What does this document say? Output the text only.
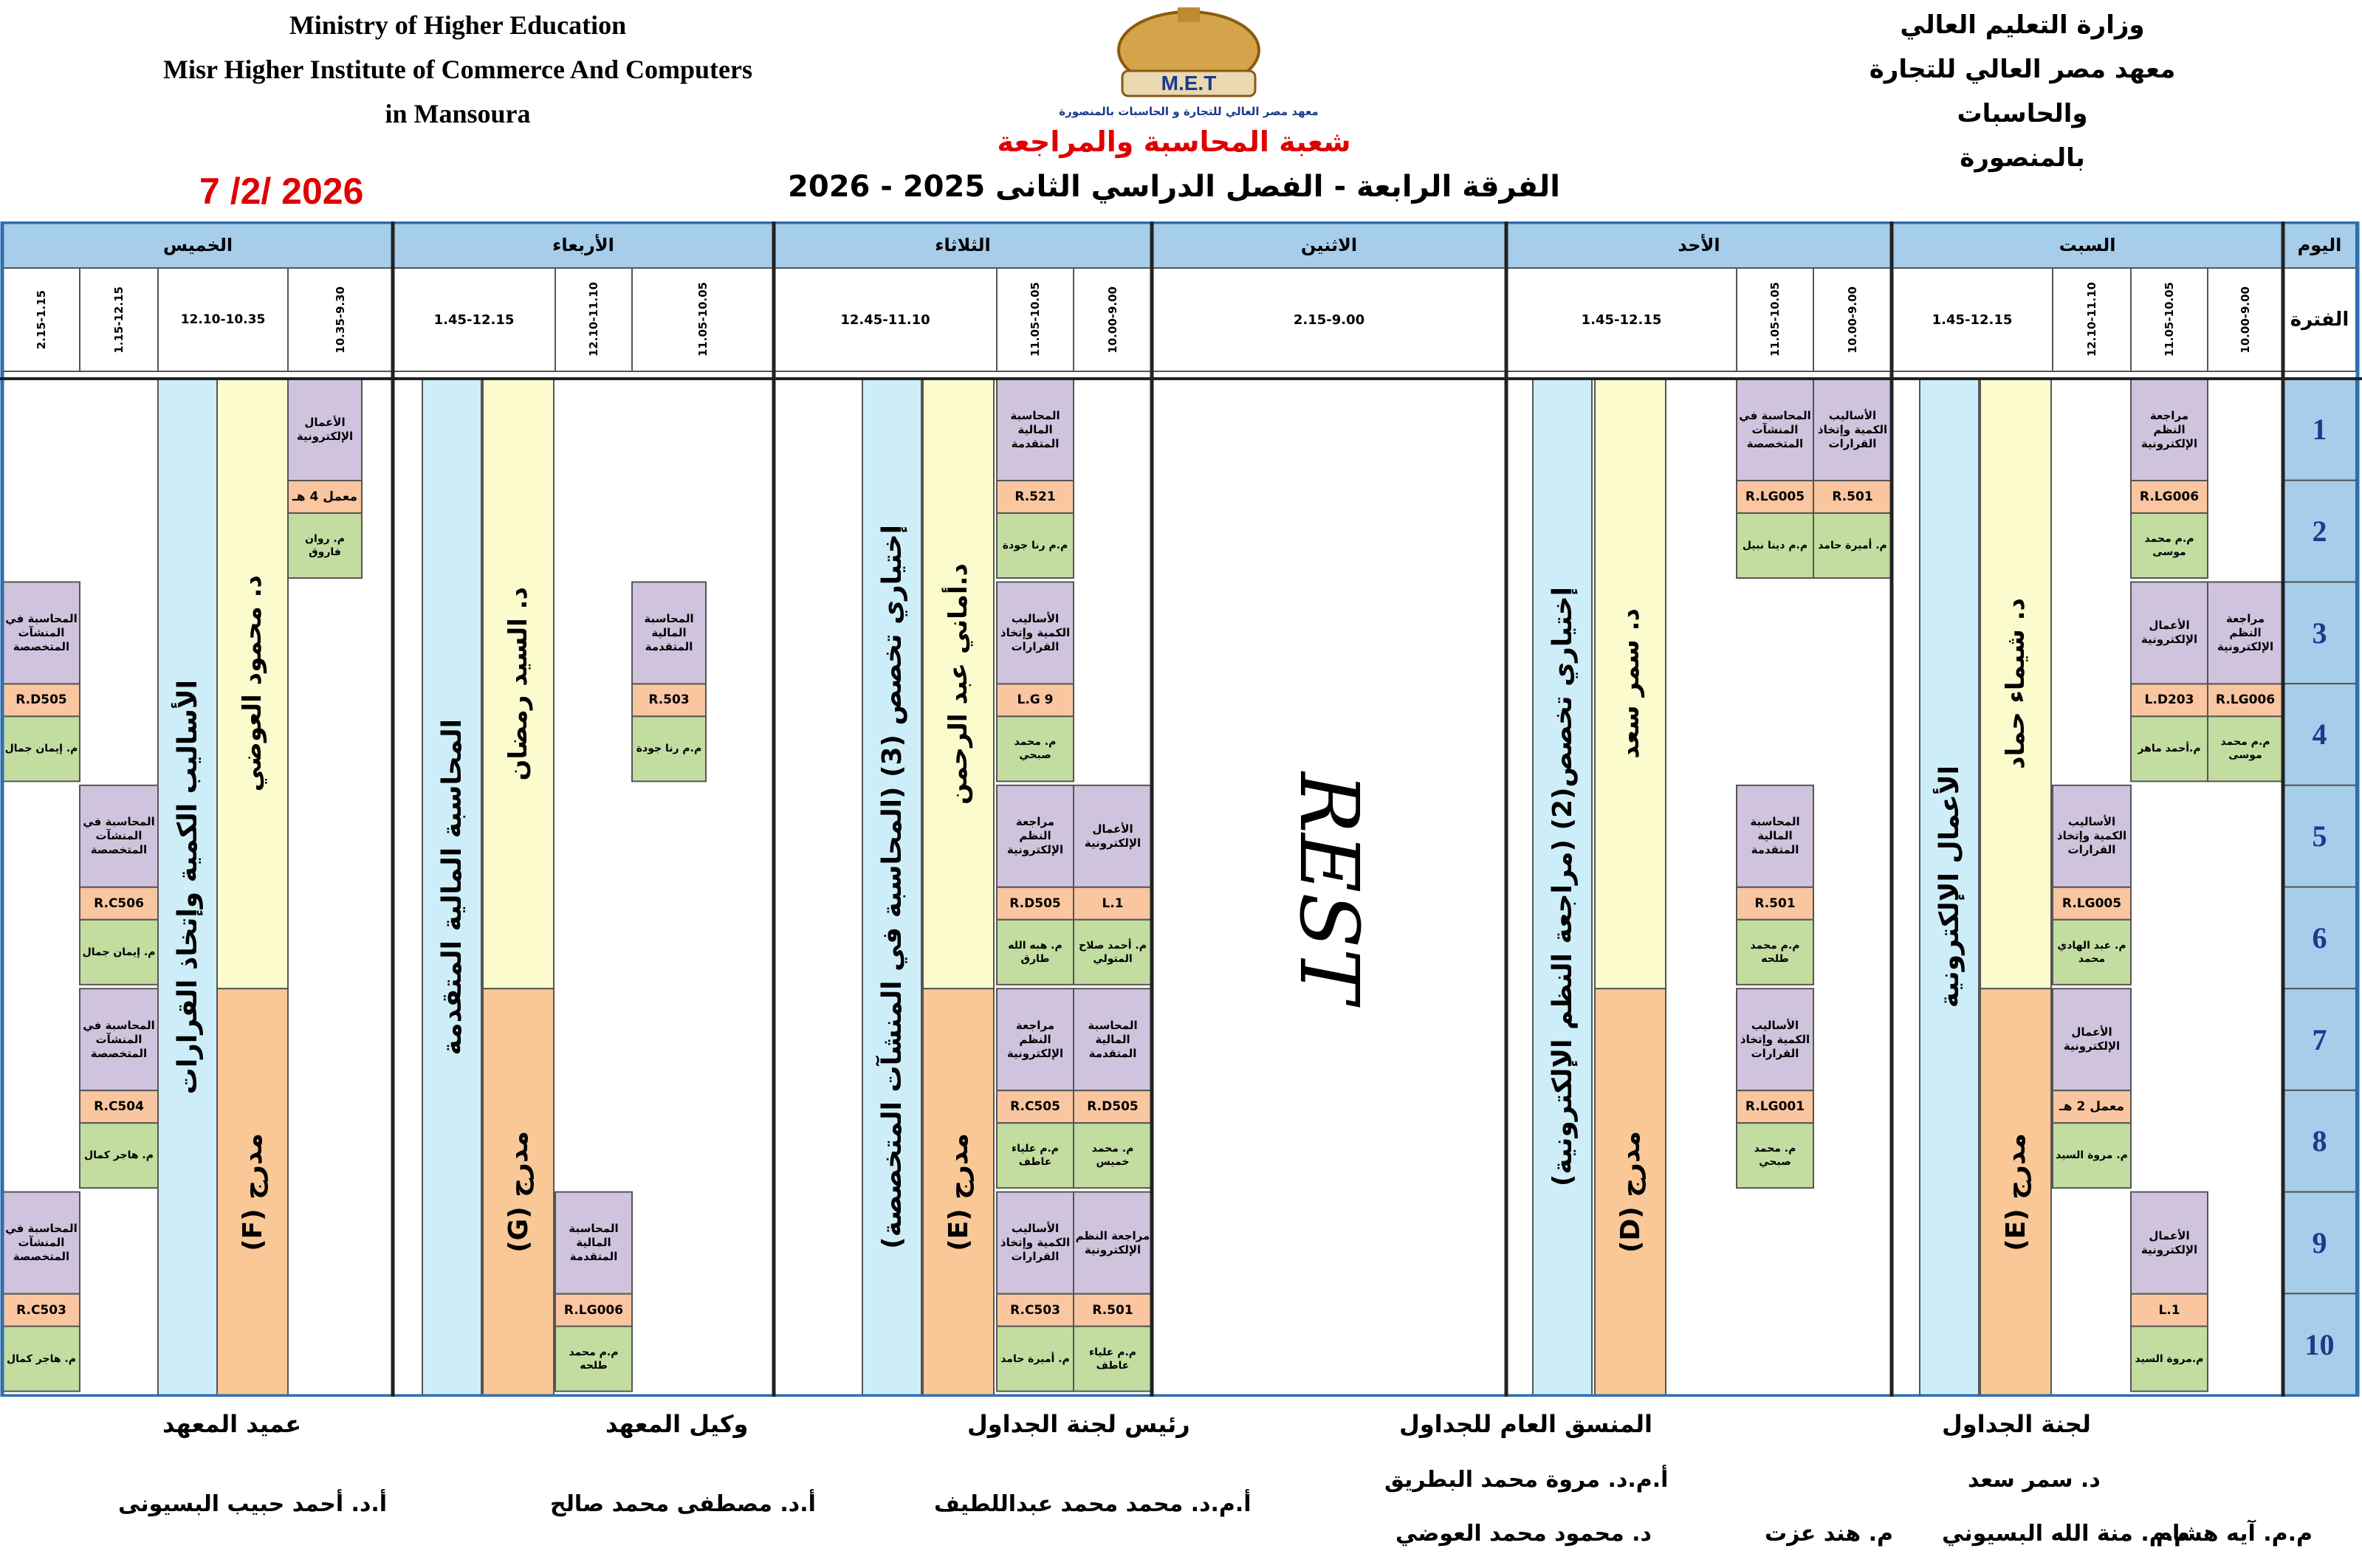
Ministry of Higher Education
Misr Higher Institute of Commerce And Computers
in Mansoura
M.E.T
معهد مصر العالي للتجارة و الحاسبات بالمنصورة
وزارة التعليم العالي
معهد مصر العالي للتجارة والحاسبات
بالمنصورة
شعبة المحاسبة والمراجعة
7 /2/ 2026	الفرقة الرابعة - الفصل الدراسي الثانى 2025 - 2026
اليوم
الفترة
1
2
3
4
5
6
7
8
9
10
السبت
الأحد
الاثنين
الثلاثاء
الأربعاء
الخميس
10.00-9.00
11.05-10.05
12.10-11.10
1.45-12.15
10.00-9.00
11.05-10.05
1.45-12.15
2.15-9.00
10.00-9.00
11.05-10.05
12.45-11.10
11.05-10.05
12.10-11.10
1.45-12.15
10.35-9.30
12.10-10.35
1.15-12.15
2.15-1.15
الأعمال الإلكترونية
د. شيماء حماد
مدرج (E)
إختياري تخصص(2) (مراجعة النظم الإلكترونية) د. سمر سعد
مدرج (D)
إختياري تخصص (3) (المحاسبة في المنشآت المتخصصة) د.أماني عبد الرحمن
مدرج (E)
المحاسبة المالية المتقدمة
د. السيد رمضان
مدرج (G)
الأساليب الكمية وإتخاذ القرارات د. محمود العوضي
مدرج (F)
REST
مراجعة النظم الإلكترونية
R.LG006
م.م محمد موسى
مراجعة النظم الإلكترونية
R.LG006
م.م محمد موسى
الأعمال الإلكترونية
L.D203
م.أحمد ماهر
الأساليب الكمية وإتخاذ القرارات
R.LG005
م. عبد الهادي محمد
الأعمال الإلكترونية
معمل 2 هـ
م. مروة السيد
الأعمال الإلكترونية
L.1
م.مروة السيد
الأساليب الكمية وإتخاذ القرارات
R.501
م. أميرة حامد
المحاسبة في المنشآت المتخصصة
R.LG005
م.م دينا نبيل
المحاسبة المالية المتقدمة
R.501
م.م محمد طلحه
الأساليب الكمية وإتخاذ القرارات
R.LG001
م. محمد صبحي
المحاسبة المالية المتقدمة
R.521
م.م رنا جودة
الأساليب الكمية وإتخاذ القرارات
L.G 9
م. محمد صبحي
الأعمال الإلكترونية
L.1
م. أحمد صلاح المتولي
مراجعة النظم الإلكترونية
R.D505
م. هبه الله طارق
المحاسبة المالية المتقدمة
R.D505
م. محمد خميس
مراجعة النظم الإلكترونية
R.C505
م.م علياء عاطف
مراجعة النظم الإلكترونية
R.501
م.م علياء عاطف
الأساليب الكمية وإتخاذ القرارات
R.C503
م. أميرة حامد
المحاسبة المالية المتقدمة
R.503
م.م رنا جودة
المحاسبة المالية المتقدمة
R.LG006
م.م محمد طلحه
الأعمال الإلكترونية
معمل 4 هـ
م. روان فاروق
المحاسبة في المنشآت المتخصصة
R.D505
م. إيمان جمال
المحاسبة في المنشآت المتخصصة
R.C506
م. إيمان جمال
المحاسبة في المنشآت المتخصصة
R.C504
م. هاجر كمال
المحاسبة في المنشآت المتخصصة
R.C503
م. هاجر كمال
لجنة الجداول
د. سمر سعد
م. هند عزت م.م. منة الله البسيوني
م.م. آيه هشام
المنسق العام للجداول
أ.م.د. مروة محمد البطريق
د. محمود محمد العوضي
رئيس لجنة الجداول
أ.م.د. محمد محمد عبداللطيف
وكيل المعهد
أ.د. مصطفى محمد صالح
عميد المعهد
أ.د. أحمد حبيب البسيونى
